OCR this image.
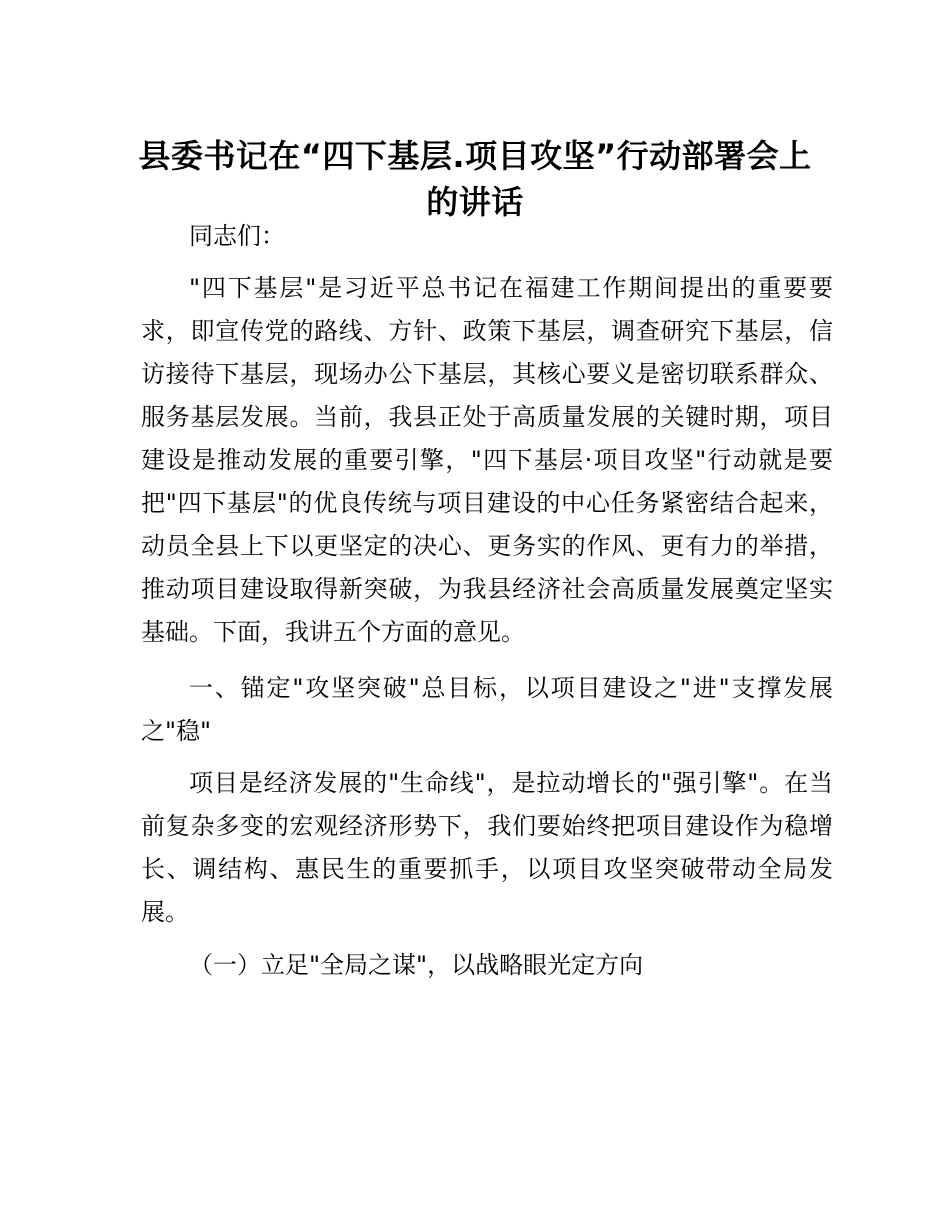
县委书记在“四下基层.项目攻坚”行动部署会上
的讲话

同志们：

"四下基层"是习近平总书记在福建工作期间提出的重要要求，即宣传党的路线、方针、政策下基层，调查研究下基层，信访接待下基层，现场办公下基层，其核心要义是密切联系群众、服务基层发展。当前，我县正处于高质量发展的关键时期，项目建设是推动发展的重要引擎，"四下基层·项目攻坚"行动就是要把"四下基层"的优良传统与项目建设的中心任务紧密结合起来，动员全县上下以更坚定的决心、更务实的作风、更有力的举措，推动项目建设取得新突破，为我县经济社会高质量发展奠定坚实基础。下面，我讲五个方面的意见。

一、锚定"攻坚突破"总目标，以项目建设之"进"支撑发展之"稳"

项目是经济发展的"生命线"，是拉动增长的"强引擎"。在当前复杂多变的宏观经济形势下，我们要始终把项目建设作为稳增长、调结构、惠民生的重要抓手，以项目攻坚突破带动全局发展。

（一）立足"全局之谋"，以战略眼光定方向
